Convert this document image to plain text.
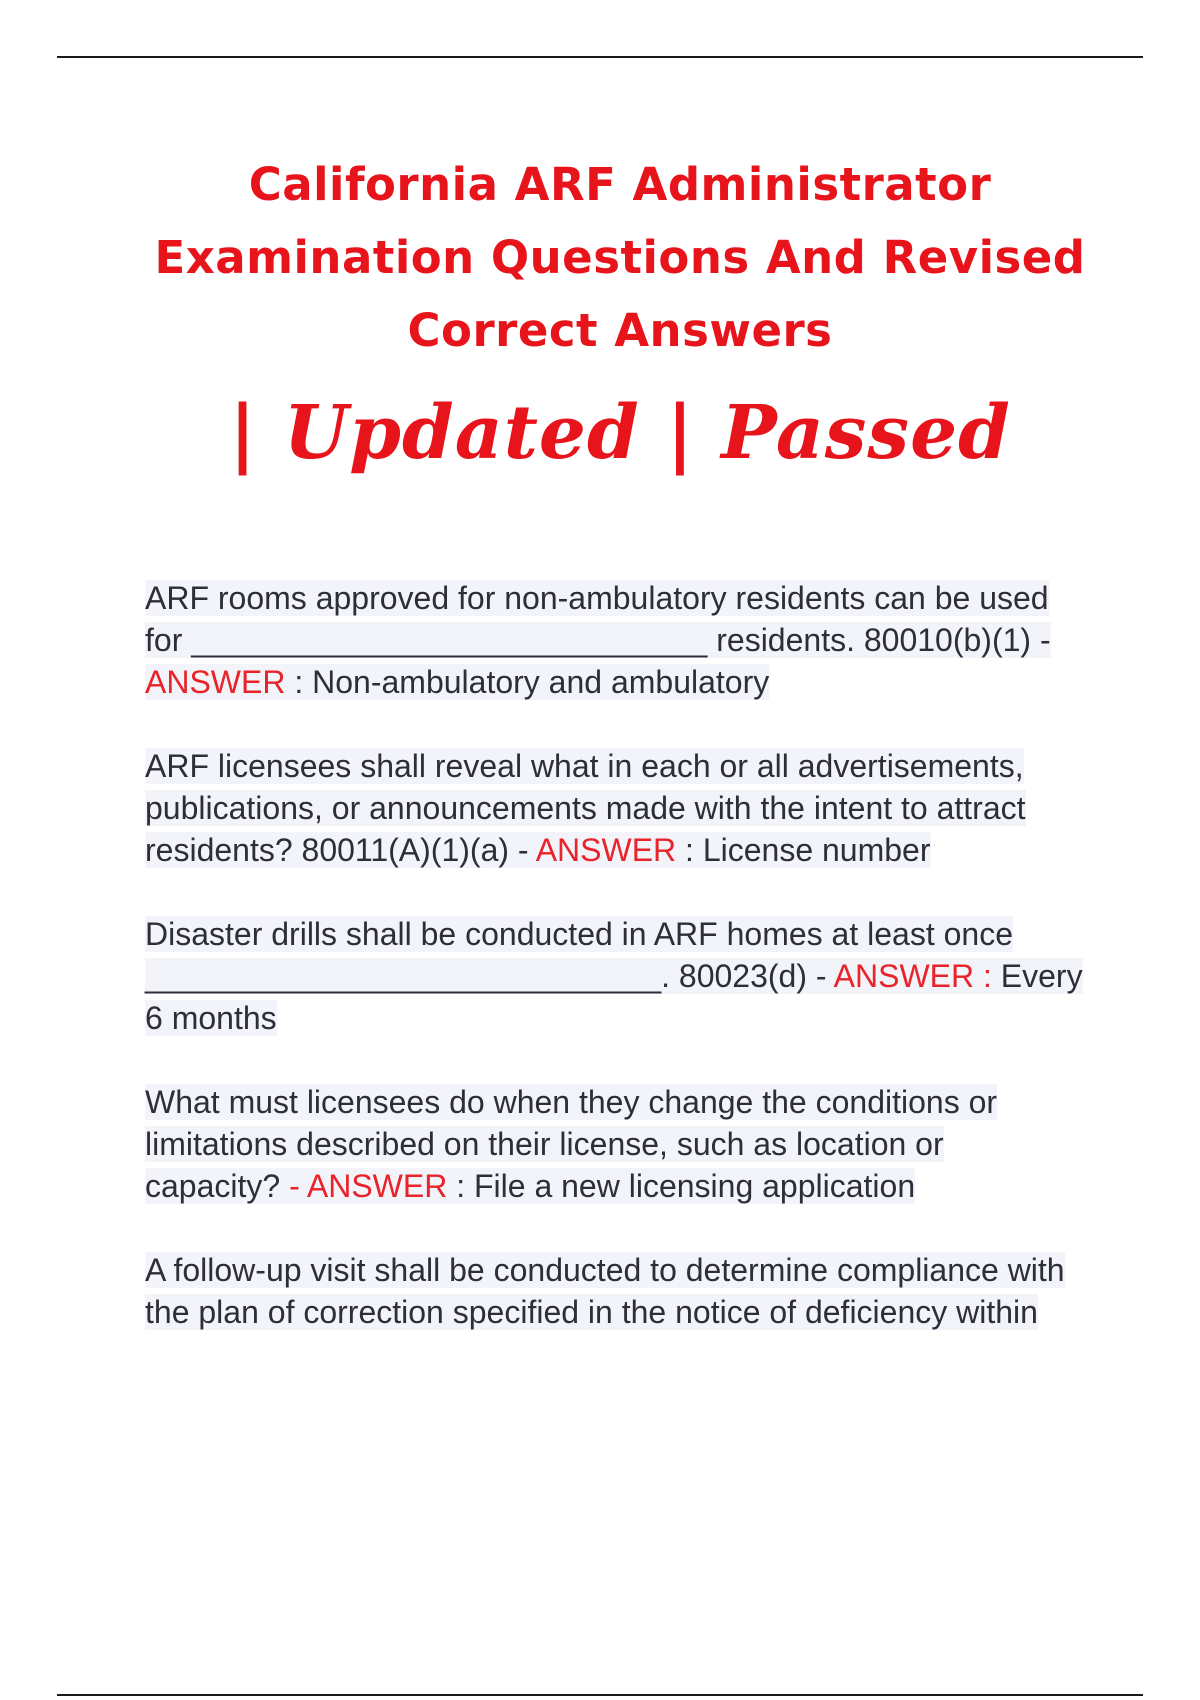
California ARF Administrator
Examination Questions And Revised
Correct Answers

| Updated | Passed

ARF rooms approved for non-ambulatory residents can be used for _____________________________ residents. 80010(b)(1) - ANSWER : Non-ambulatory and ambulatory
ARF licensees shall reveal what in each or all advertisements, publications, or announcements made with the intent to attract residents? 80011(A)(1)(a) - ANSWER : License number
Disaster drills shall be conducted in ARF homes at least once _____________________________. 80023(d) - ANSWER : Every 6 months
What must licensees do when they change the conditions or limitations described on their license, such as location or capacity? - ANSWER : File a new licensing application
A follow-up visit shall be conducted to determine compliance with the plan of correction specified in the notice of deficiency within
